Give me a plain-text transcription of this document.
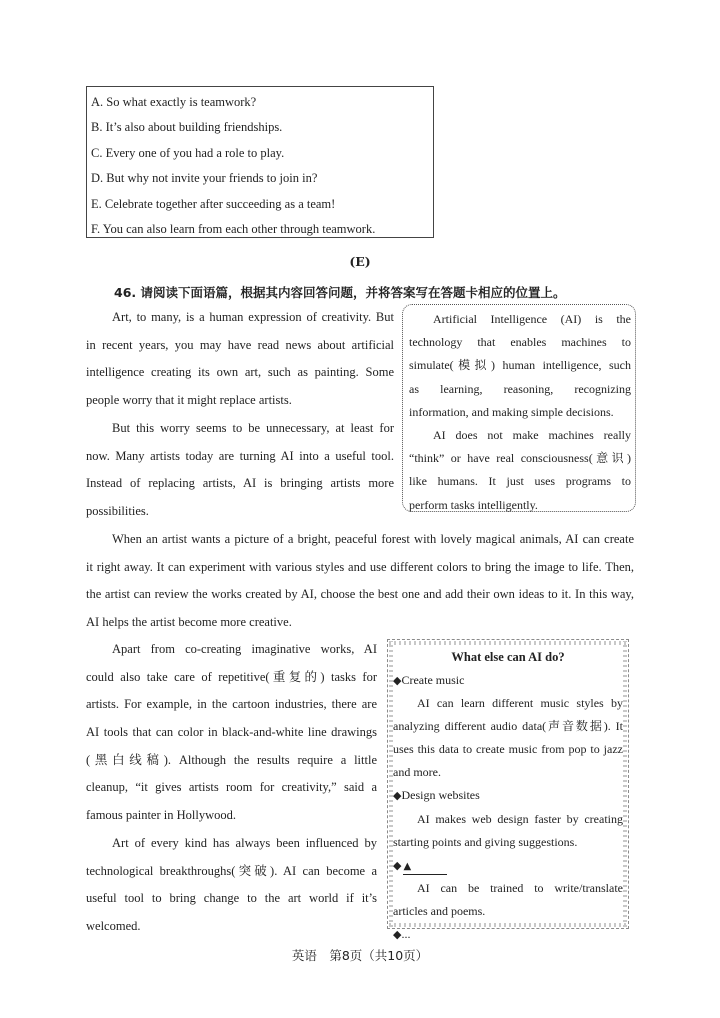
A. So what exactly is teamwork?
B. It’s also about building friendships.
C. Every one of you had a role to play.
D. But why not invite your friends to join in?
E. Celebrate together after succeeding as a team!
F. You can also learn from each other through teamwork.
(E)
46. 请阅读下面语篇，根据其内容回答问题，并将答案写在答题卡相应的位置上。
Art, to many, is a human expression of creativity. But
in recent years, you may have read news about artificial
intelligence creating its own art, such as painting. Some
people worry that it might replace artists.
But this worry seems to be unnecessary, at least for
now. Many artists today are turning AI into a useful tool.
Instead of replacing artists, AI is bringing artists more
possibilities.
Artificial Intelligence (AI) is the
technology that enables machines to
simulate(模拟) human intelligence, such
as learning, reasoning, recognizing
information, and making simple decisions.
AI does not make machines really
“think” or have real consciousness(意识)
like humans. It just uses programs to
perform tasks intelligently.
When an artist wants a picture of a bright, peaceful forest with lovely magical animals, AI can create
it right away. It can experiment with various styles and use different colors to bring the image to life. Then,
the artist can review the works created by AI, choose the best one and add their own ideas to it. In this way,
AI helps the artist become more creative.
Apart from co-creating imaginative works, AI
could also take care of repetitive(重复的) tasks for
artists. For example, in the cartoon industries, there are
AI tools that can color in black-and-white line drawings
(黑白线稿). Although the results require a little
cleanup, “it gives artists room for creativity,” said a
famous painter in Hollywood.
Art of every kind has always been influenced by
technological breakthroughs(突破). AI can become a
useful tool to bring change to the art world if it’s
welcomed.
What else can AI do?
◆Create music
AI can learn different music styles by
analyzing different audio data(声音数据). It
uses this data to create music from pop to jazz
and more.
◆Design websites
AI makes web design faster by creating
starting points and giving suggestions.
◆ ▲
AI can be trained to write/translate
articles and poems.
◆...
英语　第8页（共10页）
